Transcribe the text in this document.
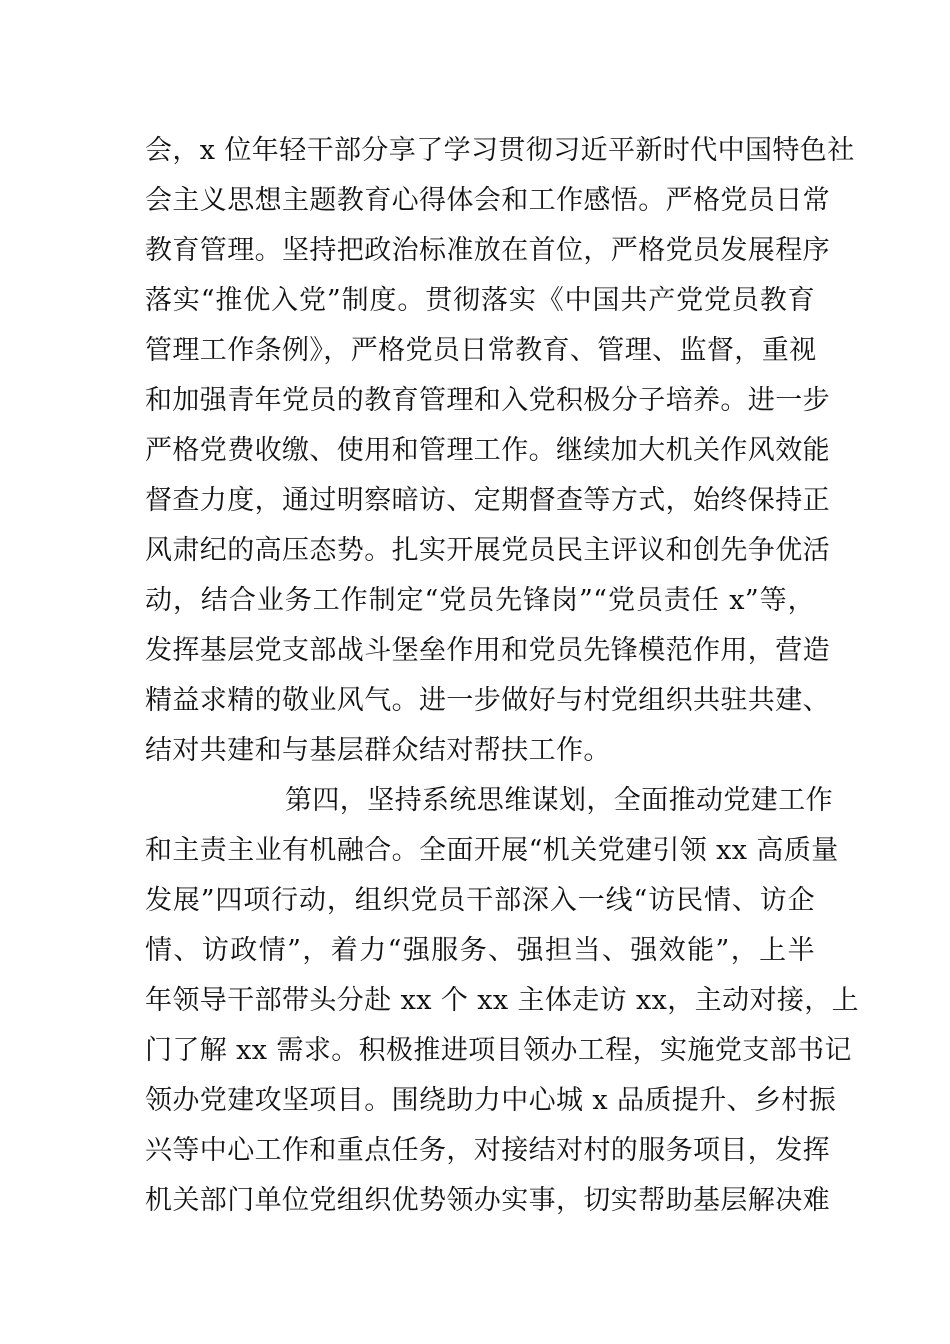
会，x 位年轻干部分享了学习贯彻习近平新时代中国特色社
会主义思想主题教育心得体会和工作感悟。严格党员日常
教育管理。坚持把政治标准放在首位，严格党员发展程序
落实“推优入党”制度。贯彻落实《中国共产党党员教育
管理工作条例》，严格党员日常教育、管理、监督，重视
和加强青年党员的教育管理和入党积极分子培养。进一步
严格党费收缴、使用和管理工作。继续加大机关作风效能
督查力度，通过明察暗访、定期督查等方式，始终保持正
风肃纪的高压态势。扎实开展党员民主评议和创先争优活
动，结合业务工作制定“党员先锋岗”“党员责任 x”等，
发挥基层党支部战斗堡垒作用和党员先锋模范作用，营造
精益求精的敬业风气。进一步做好与村党组织共驻共建、
结对共建和与基层群众结对帮扶工作。
第四，坚持系统思维谋划，全面推动党建工作
和主责主业有机融合。全面开展“机关党建引领 xx 高质量
发展”四项行动，组织党员干部深入一线“访民情、访企
情、访政情”，着力“强服务、强担当、强效能”，上半
年领导干部带头分赴 xx 个 xx 主体走访 xx，主动对接，上
门了解 xx 需求。积极推进项目领办工程，实施党支部书记
领办党建攻坚项目。围绕助力中心城 x 品质提升、乡村振
兴等中心工作和重点任务，对接结对村的服务项目，发挥
机关部门单位党组织优势领办实事，切实帮助基层解决难
